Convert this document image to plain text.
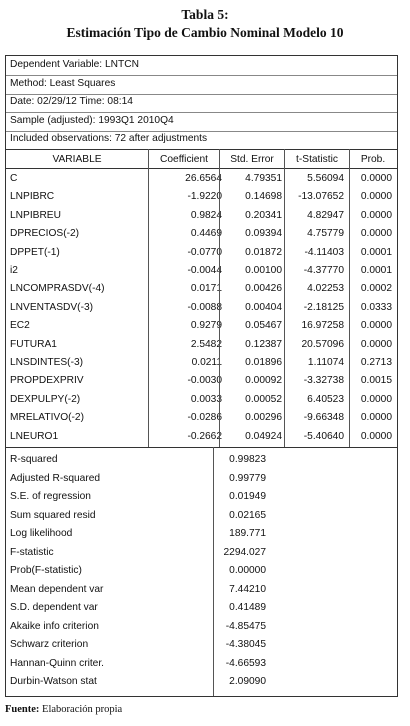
Tabla 5:
Estimación Tipo de Cambio Nominal Modelo 10
Dependent Variable: LNTCN
Method: Least Squares
Date: 02/29/12 Time: 08:14
Sample (adjusted): 1993Q1 2010Q4
Included observations: 72 after adjustments
VARIABLE	Coefficient	Std. Error	t-Statistic	Prob.
C	26.6564	4.79351	5.56094	0.0000
LNPIBRC	-1.9220	0.14698	-13.07652	0.0000
LNPIBREU	0.9824	0.20341	4.82947	0.0000
DPRECIOS(-2)	0.4469	0.09394	4.75779	0.0000
DPPET(-1)	-0.0770	0.01872	-4.11403	0.0001
i2	-0.0044	0.00100	-4.37770	0.0001
LNCOMPRASDV(-4)	0.0171	0.00426	4.02253	0.0002
LNVENTASDV(-3)	-0.0088	0.00404	-2.18125	0.0333
EC2	0.9279	0.05467	16.97258	0.0000
FUTURA1	2.5482	0.12387	20.57096	0.0000
LNSDINTES(-3)	0.0211	0.01896	1.11074	0.2713
PROPDEXPRIV	-0.0030	0.00092	-3.32738	0.0015
DEXPULPY(-2)	0.0033	0.00052	6.40523	0.0000
MRELATIVO(-2)	-0.0286	0.00296	-9.66348	0.0000
LNEURO1	-0.2662	0.04924	-5.40640	0.0000
R-squared	0.99823
Adjusted R-squared	0.99779
S.E. of regression	0.01949
Sum squared resid	0.02165
Log likelihood	189.771
F-statistic	2294.027
Prob(F-statistic)	0.00000
Mean dependent var	7.44210
S.D. dependent var	0.41489
Akaike info criterion	-4.85475
Schwarz criterion	-4.38045
Hannan-Quinn criter.	-4.66593
Durbin-Watson stat	2.09090
Fuente: Elaboración propia
